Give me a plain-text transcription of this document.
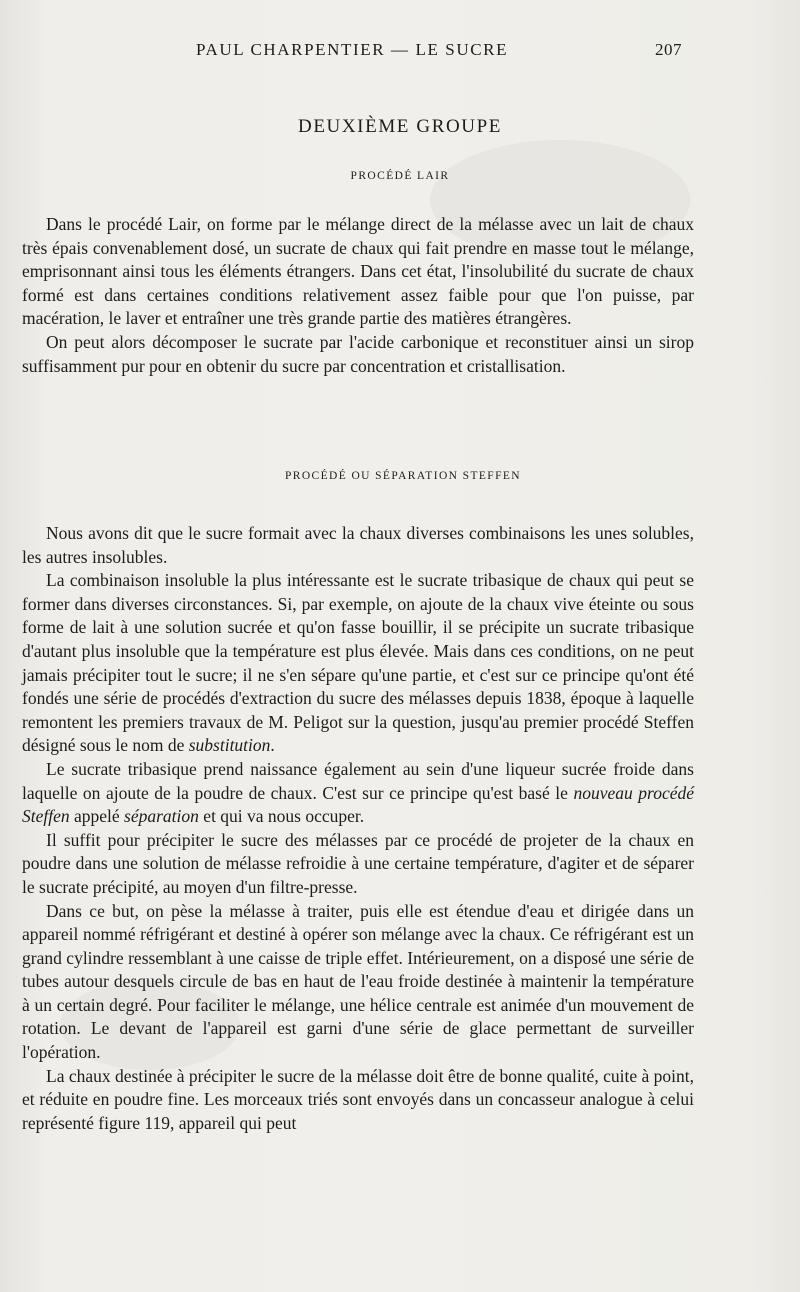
PAUL CHARPENTIER — LE SUCRE	207
DEUXIÈME GROUPE
PROCÉDÉ LAIR

Dans le procédé Lair, on forme par le mélange direct de la mélasse avec un lait de chaux très épais convenablement dosé, un sucrate de chaux qui fait prendre en masse tout le mélange, emprisonnant ainsi tous les éléments étrangers. Dans cet état, l'insolubilité du sucrate de chaux formé est dans certaines conditions relativement assez faible pour que l'on puisse, par macération, le laver et entraîner une très grande partie des matières étrangères.

On peut alors décomposer le sucrate par l'acide carbonique et reconstituer ainsi un sirop suffisamment pur pour en obtenir du sucre par concentration et cristallisation.

PROCÉDÉ OU SÉPARATION STEFFEN

Nous avons dit que le sucre formait avec la chaux diverses combinaisons les unes solubles, les autres insolubles.

La combinaison insoluble la plus intéressante est le sucrate tribasique de chaux qui peut se former dans diverses circonstances. Si, par exemple, on ajoute de la chaux vive éteinte ou sous forme de lait à une solution sucrée et qu'on fasse bouillir, il se précipite un sucrate tribasique d'autant plus insoluble que la température est plus élevée. Mais dans ces conditions, on ne peut jamais précipiter tout le sucre; il ne s'en sépare qu'une partie, et c'est sur ce principe qu'ont été fondés une série de procédés d'extraction du sucre des mélasses depuis 1838, époque à laquelle remontent les premiers travaux de M. Peligot sur la question, jusqu'au premier procédé Steffen désigné sous le nom de substitution.

Le sucrate tribasique prend naissance également au sein d'une liqueur sucrée froide dans laquelle on ajoute de la poudre de chaux. C'est sur ce principe qu'est basé le nouveau procédé Steffen appelé séparation et qui va nous occuper.

Il suffit pour précipiter le sucre des mélasses par ce procédé de projeter de la chaux en poudre dans une solution de mélasse refroidie à une certaine température, d'agiter et de séparer le sucrate précipité, au moyen d'un filtre-presse.

Dans ce but, on pèse la mélasse à traiter, puis elle est étendue d'eau et dirigée dans un appareil nommé réfrigérant et destiné à opérer son mélange avec la chaux. Ce réfrigérant est un grand cylindre ressemblant à une caisse de triple effet. Intérieurement, on a disposé une série de tubes autour desquels circule de bas en haut de l'eau froide destinée à maintenir la température à un certain degré. Pour faciliter le mélange, une hélice centrale est animée d'un mouvement de rotation. Le devant de l'appareil est garni d'une série de glace permettant de surveiller l'opération.

La chaux destinée à précipiter le sucre de la mélasse doit être de bonne qualité, cuite à point, et réduite en poudre fine. Les morceaux triés sont envoyés dans un concasseur analogue à celui représenté figure 119, appareil qui peut
